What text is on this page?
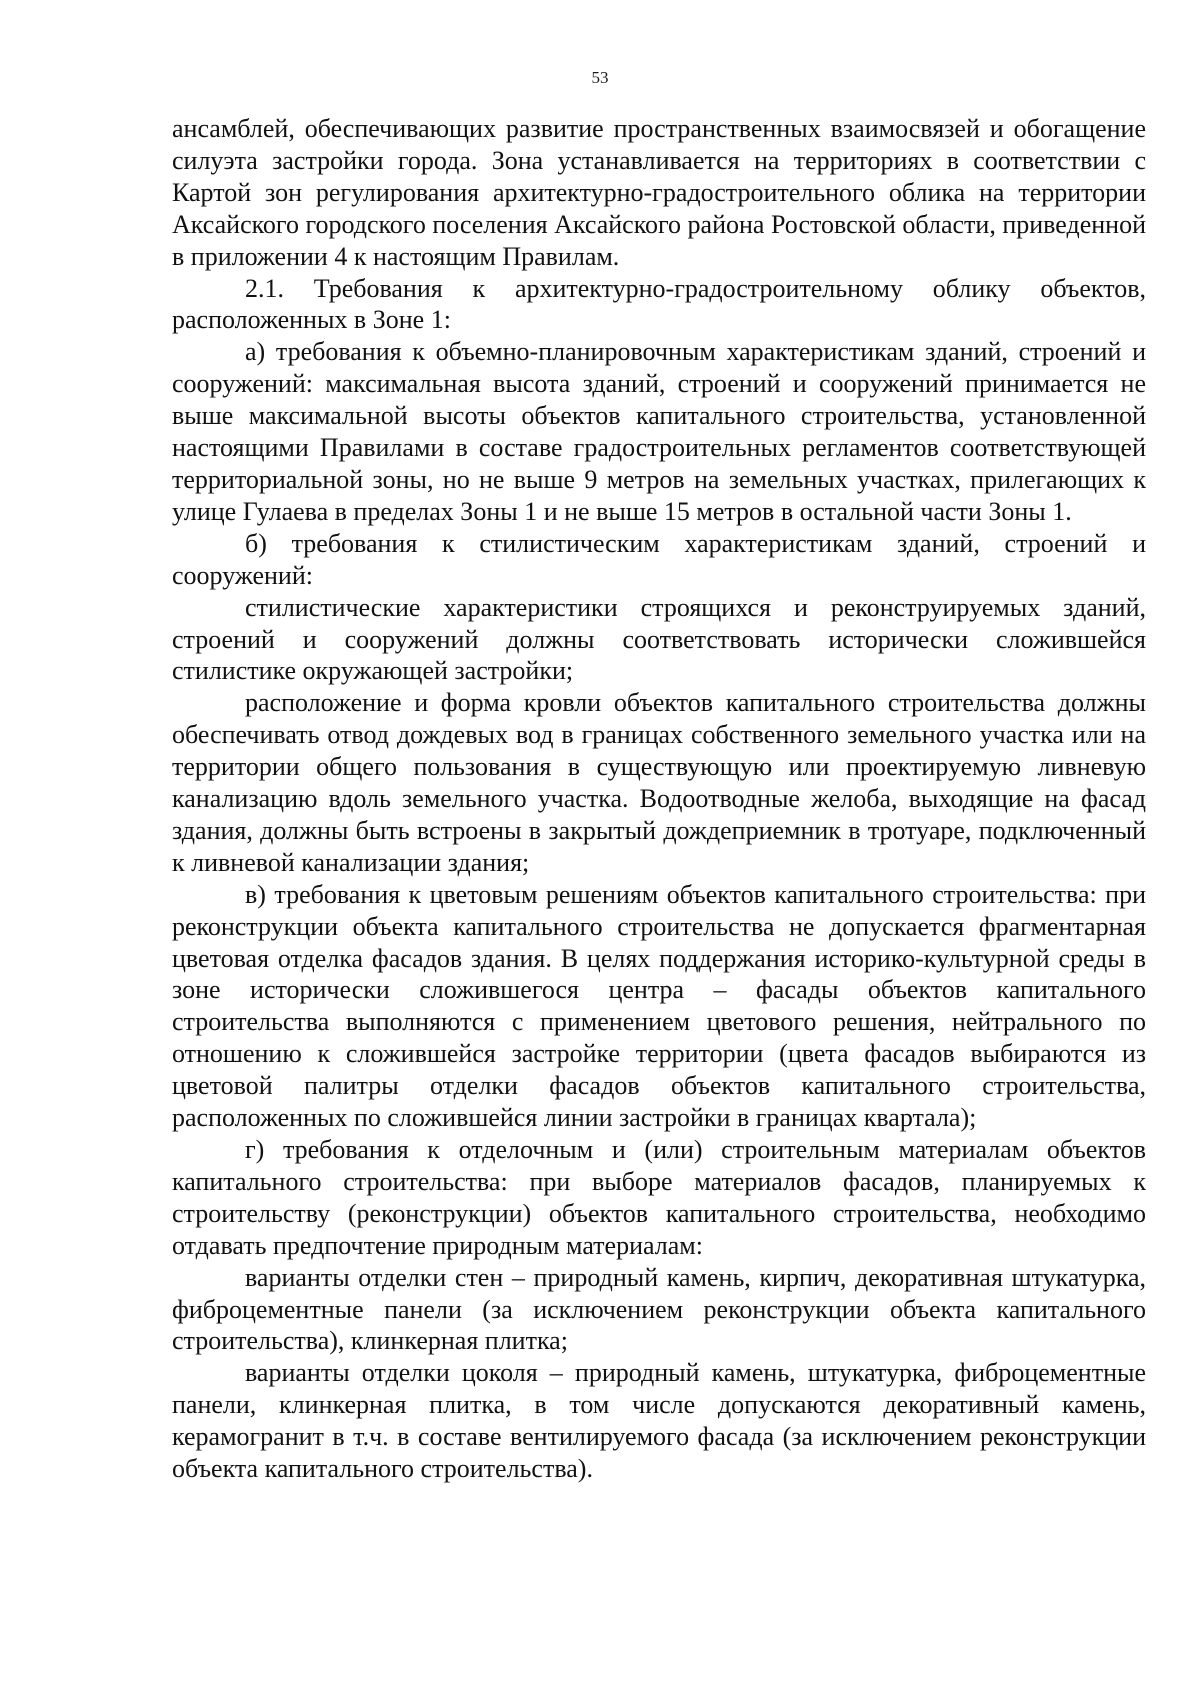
53

ансамблей, обеспечивающих развитие пространственных взаимосвязей и обогащение силуэта застройки города. Зона устанавливается на территориях в соответствии с Картой зон регулирования архитектурно-градостроительного облика на территории Аксайского городского поселения Аксайского района Ростовской области, приведенной в приложении 4 к настоящим Правилам.

2.1. Требования к архитектурно-градостроительному облику объектов, расположенных в Зоне 1:

а) требования к объемно-планировочным характеристикам зданий, строений и сооружений: максимальная высота зданий, строений и сооружений принимается не выше максимальной высоты объектов капитального строительства, установленной настоящими Правилами в составе градостроительных регламентов соответствующей территориальной зоны, но не выше 9 метров на земельных участках, прилегающих к улице Гулаева в пределах Зоны 1 и не выше 15 метров в остальной части Зоны 1.

б) требования к стилистическим характеристикам зданий, строений и сооружений:

стилистические характеристики строящихся и реконструируемых зданий, строений и сооружений должны соответствовать исторически сложившейся стилистике окружающей застройки;

расположение и форма кровли объектов капитального строительства должны обеспечивать отвод дождевых вод в границах собственного земельного участка или на территории общего пользования в существующую или проектируемую ливневую канализацию вдоль земельного участка. Водоотводные желоба, выходящие на фасад здания, должны быть встроены в закрытый дождеприемник в тротуаре, подключенный к ливневой канализации здания;

в) требования к цветовым решениям объектов капитального строительства: при реконструкции объекта капитального строительства не допускается фрагментарная цветовая отделка фасадов здания. В целях поддержания историко-культурной среды в зоне исторически сложившегося центра – фасады объектов капитального строительства выполняются с применением цветового решения, нейтрального по отношению к сложившейся застройке территории (цвета фасадов выбираются из цветовой палитры отделки фасадов объектов капитального строительства, расположенных по сложившейся линии застройки в границах квартала);

г) требования к отделочным и (или) строительным материалам объектов капитального строительства: при выборе материалов фасадов, планируемых к строительству (реконструкции) объектов капитального строительства, необходимо отдавать предпочтение природным материалам:

варианты отделки стен – природный камень, кирпич, декоративная штукатурка, фиброцементные панели (за исключением реконструкции объекта капитального строительства), клинкерная плитка;

варианты отделки цоколя – природный камень, штукатурка, фиброцементные панели, клинкерная плитка, в том числе допускаются декоративный камень, керамогранит в т.ч. в составе вентилируемого фасада (за исключением реконструкции объекта капитального строительства).
